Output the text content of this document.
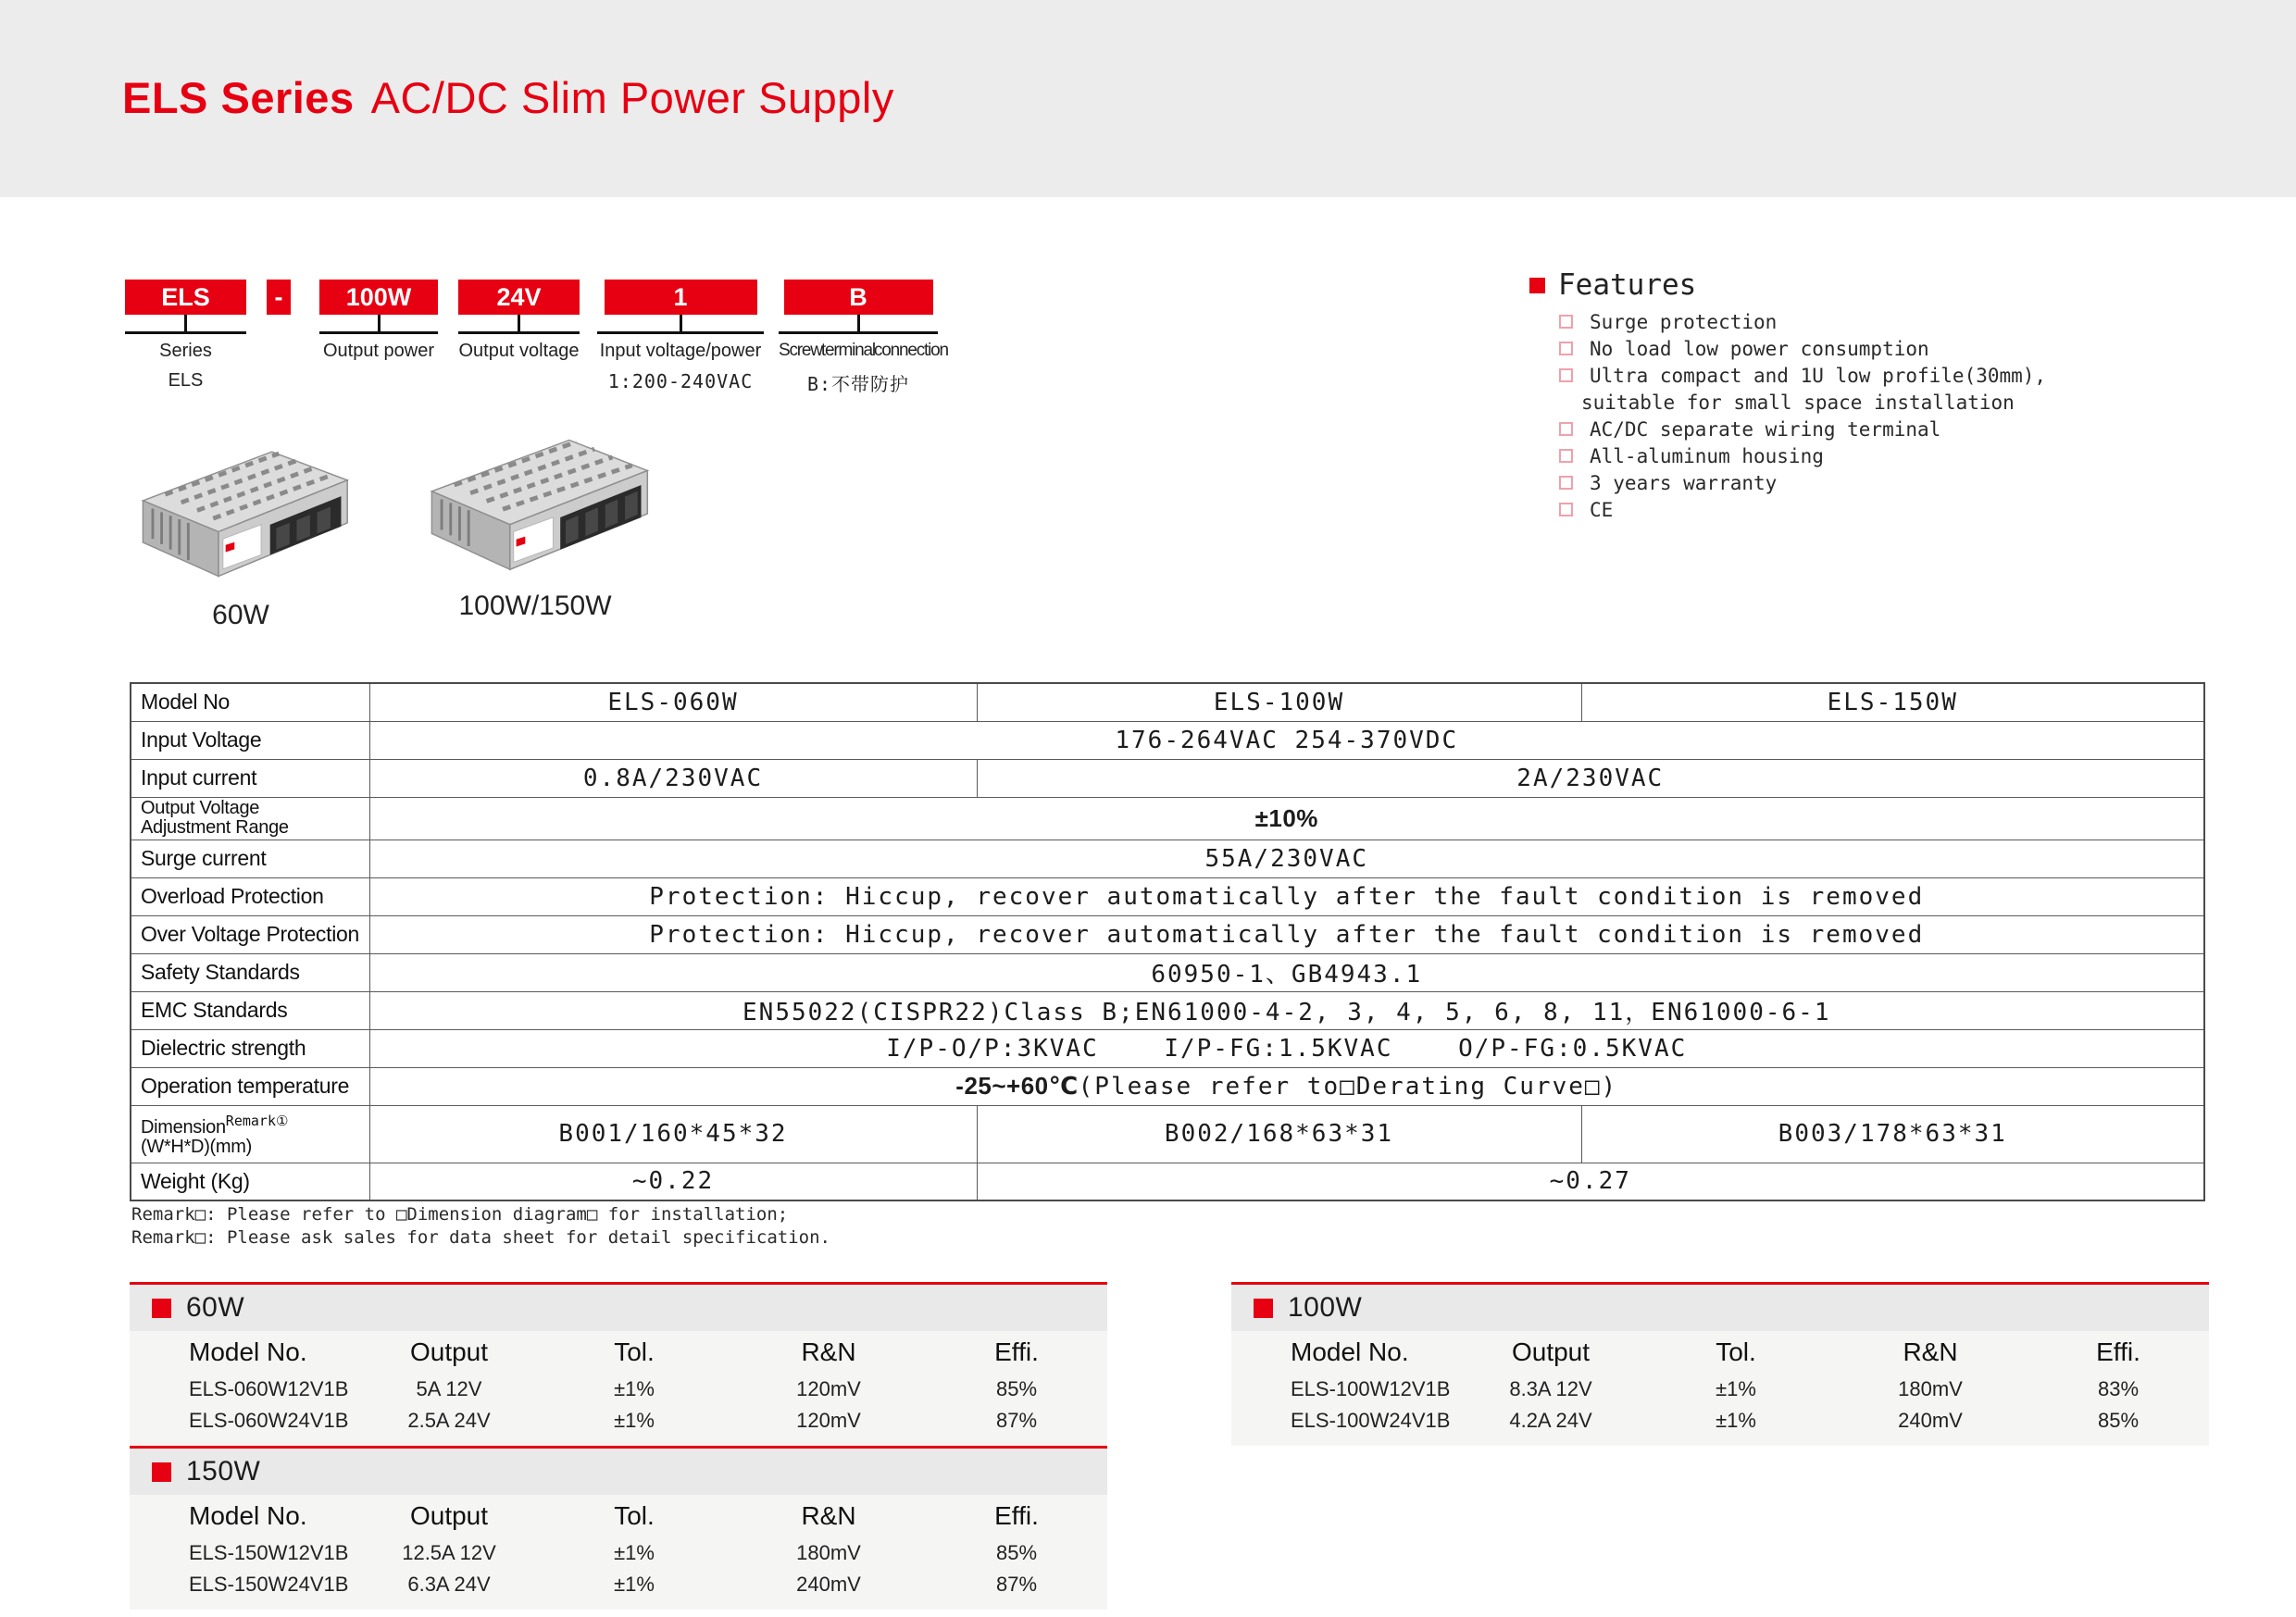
ELS Series AC/DC Slim Power Supply
ELS
Series
ELS
-	100W
Output power
24V
Output voltage
1
Input voltage/power
1:200-240VAC
B
Screw terminal connection
B:不带防护
60W	100W/150W
Features
Surge protection
No load low power consumption
Ultra compact and 1U low profile(30mm),
suitable for small space installation
AC/DC separate wiring terminal
All-aluminum housing
3 years warranty
CE
Model No	ELS-060W	ELS-100W	ELS-150W
Input Voltage	176-264VAC 254-370VDC		
Input current	0.8A/230VAC	2A/230VAC	

Output Voltage
Adjustment Range	±10%		
Surge current	55A/230VAC		
Overload Protection	Protection: Hiccup, recover automatically after the fault condition is removed		
Over Voltage Protection	Protection: Hiccup, recover automatically after the fault condition is removed		
Safety Standards	60950-1、GB4943.1		
EMC Standards	EN55022(CISPR22)Class B;EN61000-4-2, 3, 4, 5, 6, 8, 11，EN61000-6-1		
Dielectric strength	I/P-O/P:3KVAC    I/P-FG:1.5KVAC    O/P-FG:0.5KVAC		
Operation temperature	-25~+60℃(Please refer to□Derating Curve□)		

Dimension$^{Remark①}$
(W*H*D)(mm)	B001/160*45*32	B002/168*63*31	B003/178*63*31
Weight (Kg)	~0.22	~0.27	
Remark□: Please refer to □Dimension diagram□ for installation;
Remark□: Please ask sales for data sheet for detail specification.
60W
Model No.	Output	Tol.	R&N	Effi.
ELS-060W12V1B	5A 12V	±1%	120mV	85%
ELS-060W24V1B	2.5A 24V	±1%	120mV	87%
100W
Model No.	Output	Tol.	R&N	Effi.
ELS-100W12V1B	8.3A 12V	±1%	180mV	83%
ELS-100W24V1B	4.2A 24V	±1%	240mV	85%
150W
Model No.	Output	Tol.	R&N	Effi.
ELS-150W12V1B	12.5A 12V	±1%	180mV	85%
ELS-150W24V1B	6.3A 24V	±1%	240mV	87%
